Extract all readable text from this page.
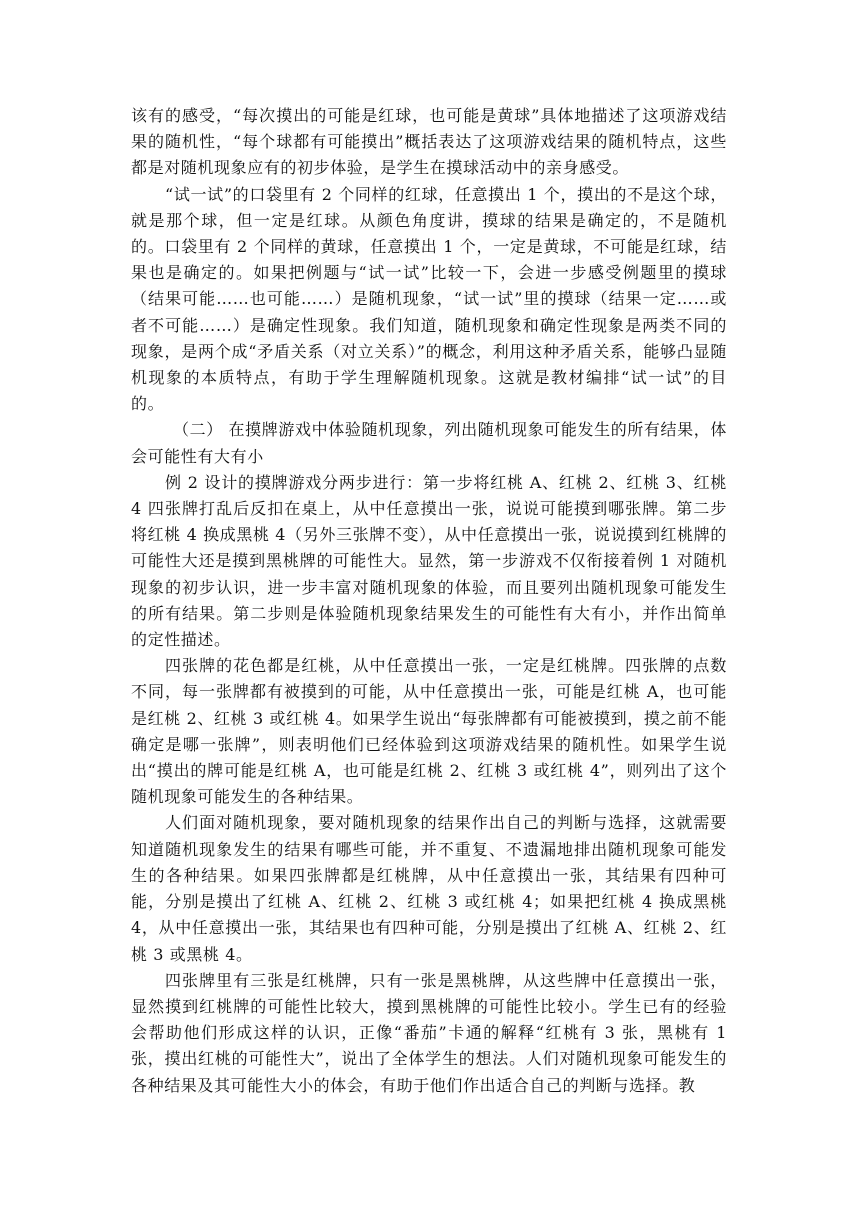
该有的感受，“每次摸出的可能是红球，也可能是黄球”具体地描述了这项游戏结果的随机性，“每个球都有可能摸出”概括表达了这项游戏结果的随机特点，这些都是对随机现象应有的初步体验，是学生在摸球活动中的亲身感受。

“试一试”的口袋里有 2 个同样的红球，任意摸出 1 个，摸出的不是这个球，就是那个球，但一定是红球。从颜色角度讲，摸球的结果是确定的，不是随机的。口袋里有 2 个同样的黄球，任意摸出 1 个，一定是黄球，不可能是红球，结果也是确定的。如果把例题与“试一试”比较一下，会进一步感受例题里的摸球（结果可能……也可能……）是随机现象，“试一试”里的摸球（结果一定……或者不可能……）是确定性现象。我们知道，随机现象和确定性现象是两类不同的现象，是两个成“矛盾关系（对立关系）”的概念，利用这种矛盾关系，能够凸显随机现象的本质特点，有助于学生理解随机现象。这就是教材编排“试一试”的目的。

（二） 在摸牌游戏中体验随机现象，列出随机现象可能发生的所有结果，体会可能性有大有小

例 2 设计的摸牌游戏分两步进行：第一步将红桃 A、红桃 2、红桃 3、红桃 4 四张牌打乱后反扣在桌上，从中任意摸出一张，说说可能摸到哪张牌。第二步将红桃 4 换成黑桃 4（另外三张牌不变），从中任意摸出一张，说说摸到红桃牌的可能性大还是摸到黑桃牌的可能性大。显然，第一步游戏不仅衔接着例 1 对随机现象的初步认识，进一步丰富对随机现象的体验，而且要列出随机现象可能发生的所有结果。第二步则是体验随机现象结果发生的可能性有大有小，并作出简单的定性描述。

四张牌的花色都是红桃，从中任意摸出一张，一定是红桃牌。四张牌的点数不同，每一张牌都有被摸到的可能，从中任意摸出一张，可能是红桃 A，也可能是红桃 2、红桃 3 或红桃 4。如果学生说出“每张牌都有可能被摸到，摸之前不能确定是哪一张牌”，则表明他们已经体验到这项游戏结果的随机性。如果学生说出“摸出的牌可能是红桃 A，也可能是红桃 2、红桃 3 或红桃 4”，则列出了这个随机现象可能发生的各种结果。

人们面对随机现象，要对随机现象的结果作出自己的判断与选择，这就需要知道随机现象发生的结果有哪些可能，并不重复、不遗漏地排出随机现象可能发生的各种结果。如果四张牌都是红桃牌，从中任意摸出一张，其结果有四种可能，分别是摸出了红桃 A、红桃 2、红桃 3 或红桃 4；如果把红桃 4 换成黑桃 4，从中任意摸出一张，其结果也有四种可能，分别是摸出了红桃 A、红桃 2、红桃 3 或黑桃 4。

四张牌里有三张是红桃牌，只有一张是黑桃牌，从这些牌中任意摸出一张，显然摸到红桃牌的可能性比较大，摸到黑桃牌的可能性比较小。学生已有的经验会帮助他们形成这样的认识，正像“番茄”卡通的解释“红桃有 3 张，黑桃有 1 张，摸出红桃的可能性大”，说出了全体学生的想法。人们对随机现象可能发生的各种结果及其可能性大小的体会，有助于他们作出适合自己的判断与选择。教
